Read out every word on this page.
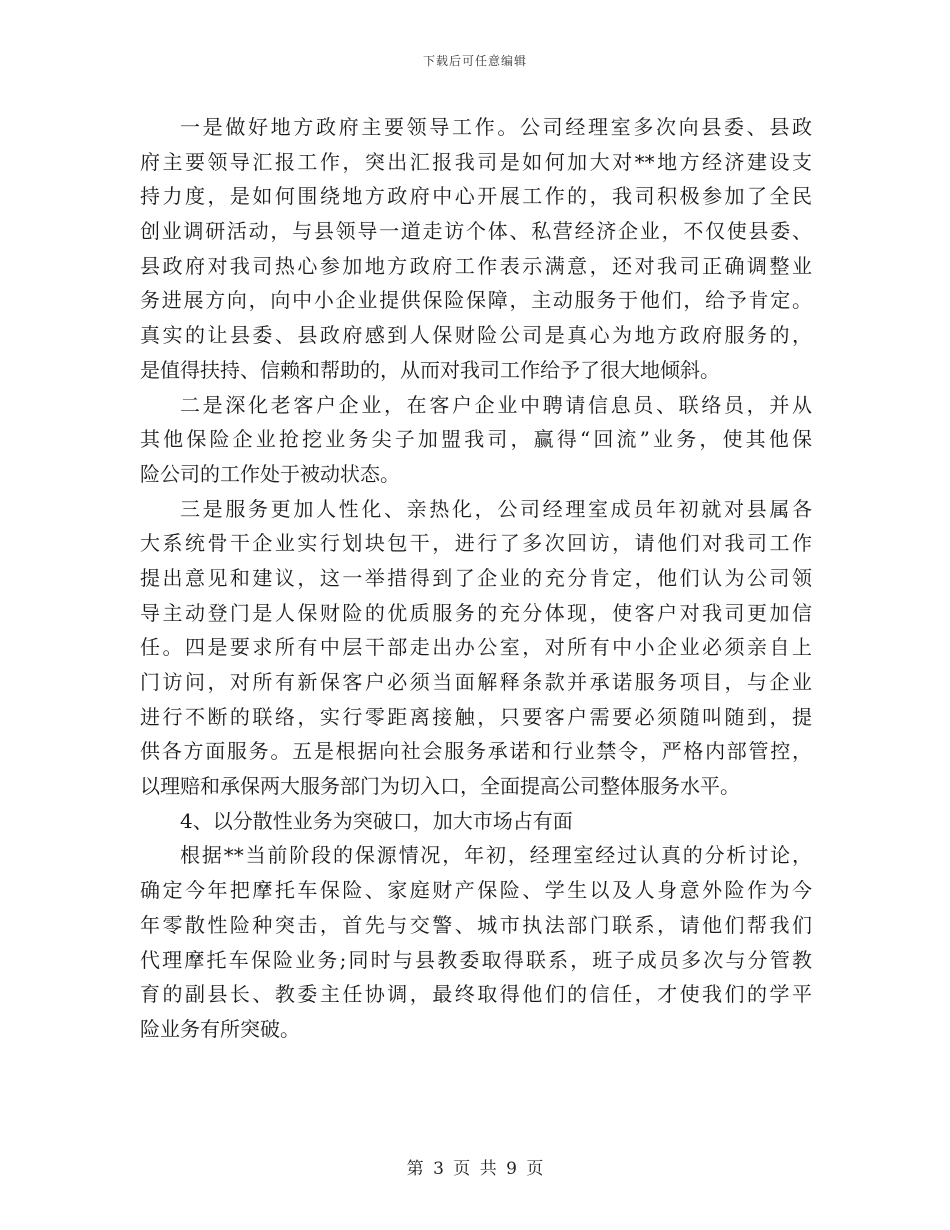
下载后可任意编辑
一是做好地方政府主要领导工作。公司经理室多次向县委、县政
府主要领导汇报工作，突出汇报我司是如何加大对**地方经济建设支
持力度，是如何围绕地方政府中心开展工作的，我司积极参加了全民
创业调研活动，与县领导一道走访个体、私营经济企业，不仅使县委、
县政府对我司热心参加地方政府工作表示满意，还对我司正确调整业
务进展方向，向中小企业提供保险保障，主动服务于他们，给予肯定。
真实的让县委、县政府感到人保财险公司是真心为地方政府服务的，
是值得扶持、信赖和帮助的，从而对我司工作给予了很大地倾斜。
二是深化老客户企业，在客户企业中聘请信息员、联络员，并从
其他保险企业抢挖业务尖子加盟我司，赢得“回流”业务，使其他保
险公司的工作处于被动状态。
三是服务更加人性化、亲热化，公司经理室成员年初就对县属各
大系统骨干企业实行划块包干，进行了多次回访，请他们对我司工作
提出意见和建议，这一举措得到了企业的充分肯定，他们认为公司领
导主动登门是人保财险的优质服务的充分体现，使客户对我司更加信
任。四是要求所有中层干部走出办公室，对所有中小企业必须亲自上
门访问，对所有新保客户必须当面解释条款并承诺服务项目，与企业
进行不断的联络，实行零距离接触，只要客户需要必须随叫随到，提
供各方面服务。五是根据向社会服务承诺和行业禁令，严格内部管控，
以理赔和承保两大服务部门为切入口，全面提高公司整体服务水平。
4、以分散性业务为突破口，加大市场占有面
根据**当前阶段的保源情况，年初，经理室经过认真的分析讨论，
确定今年把摩托车保险、家庭财产保险、学生以及人身意外险作为今
年零散性险种突击，首先与交警、城市执法部门联系，请他们帮我们
代理摩托车保险业务;同时与县教委取得联系，班子成员多次与分管教
育的副县长、教委主任协调，最终取得他们的信任，才使我们的学平
险业务有所突破。
第 3 页 共 9 页
